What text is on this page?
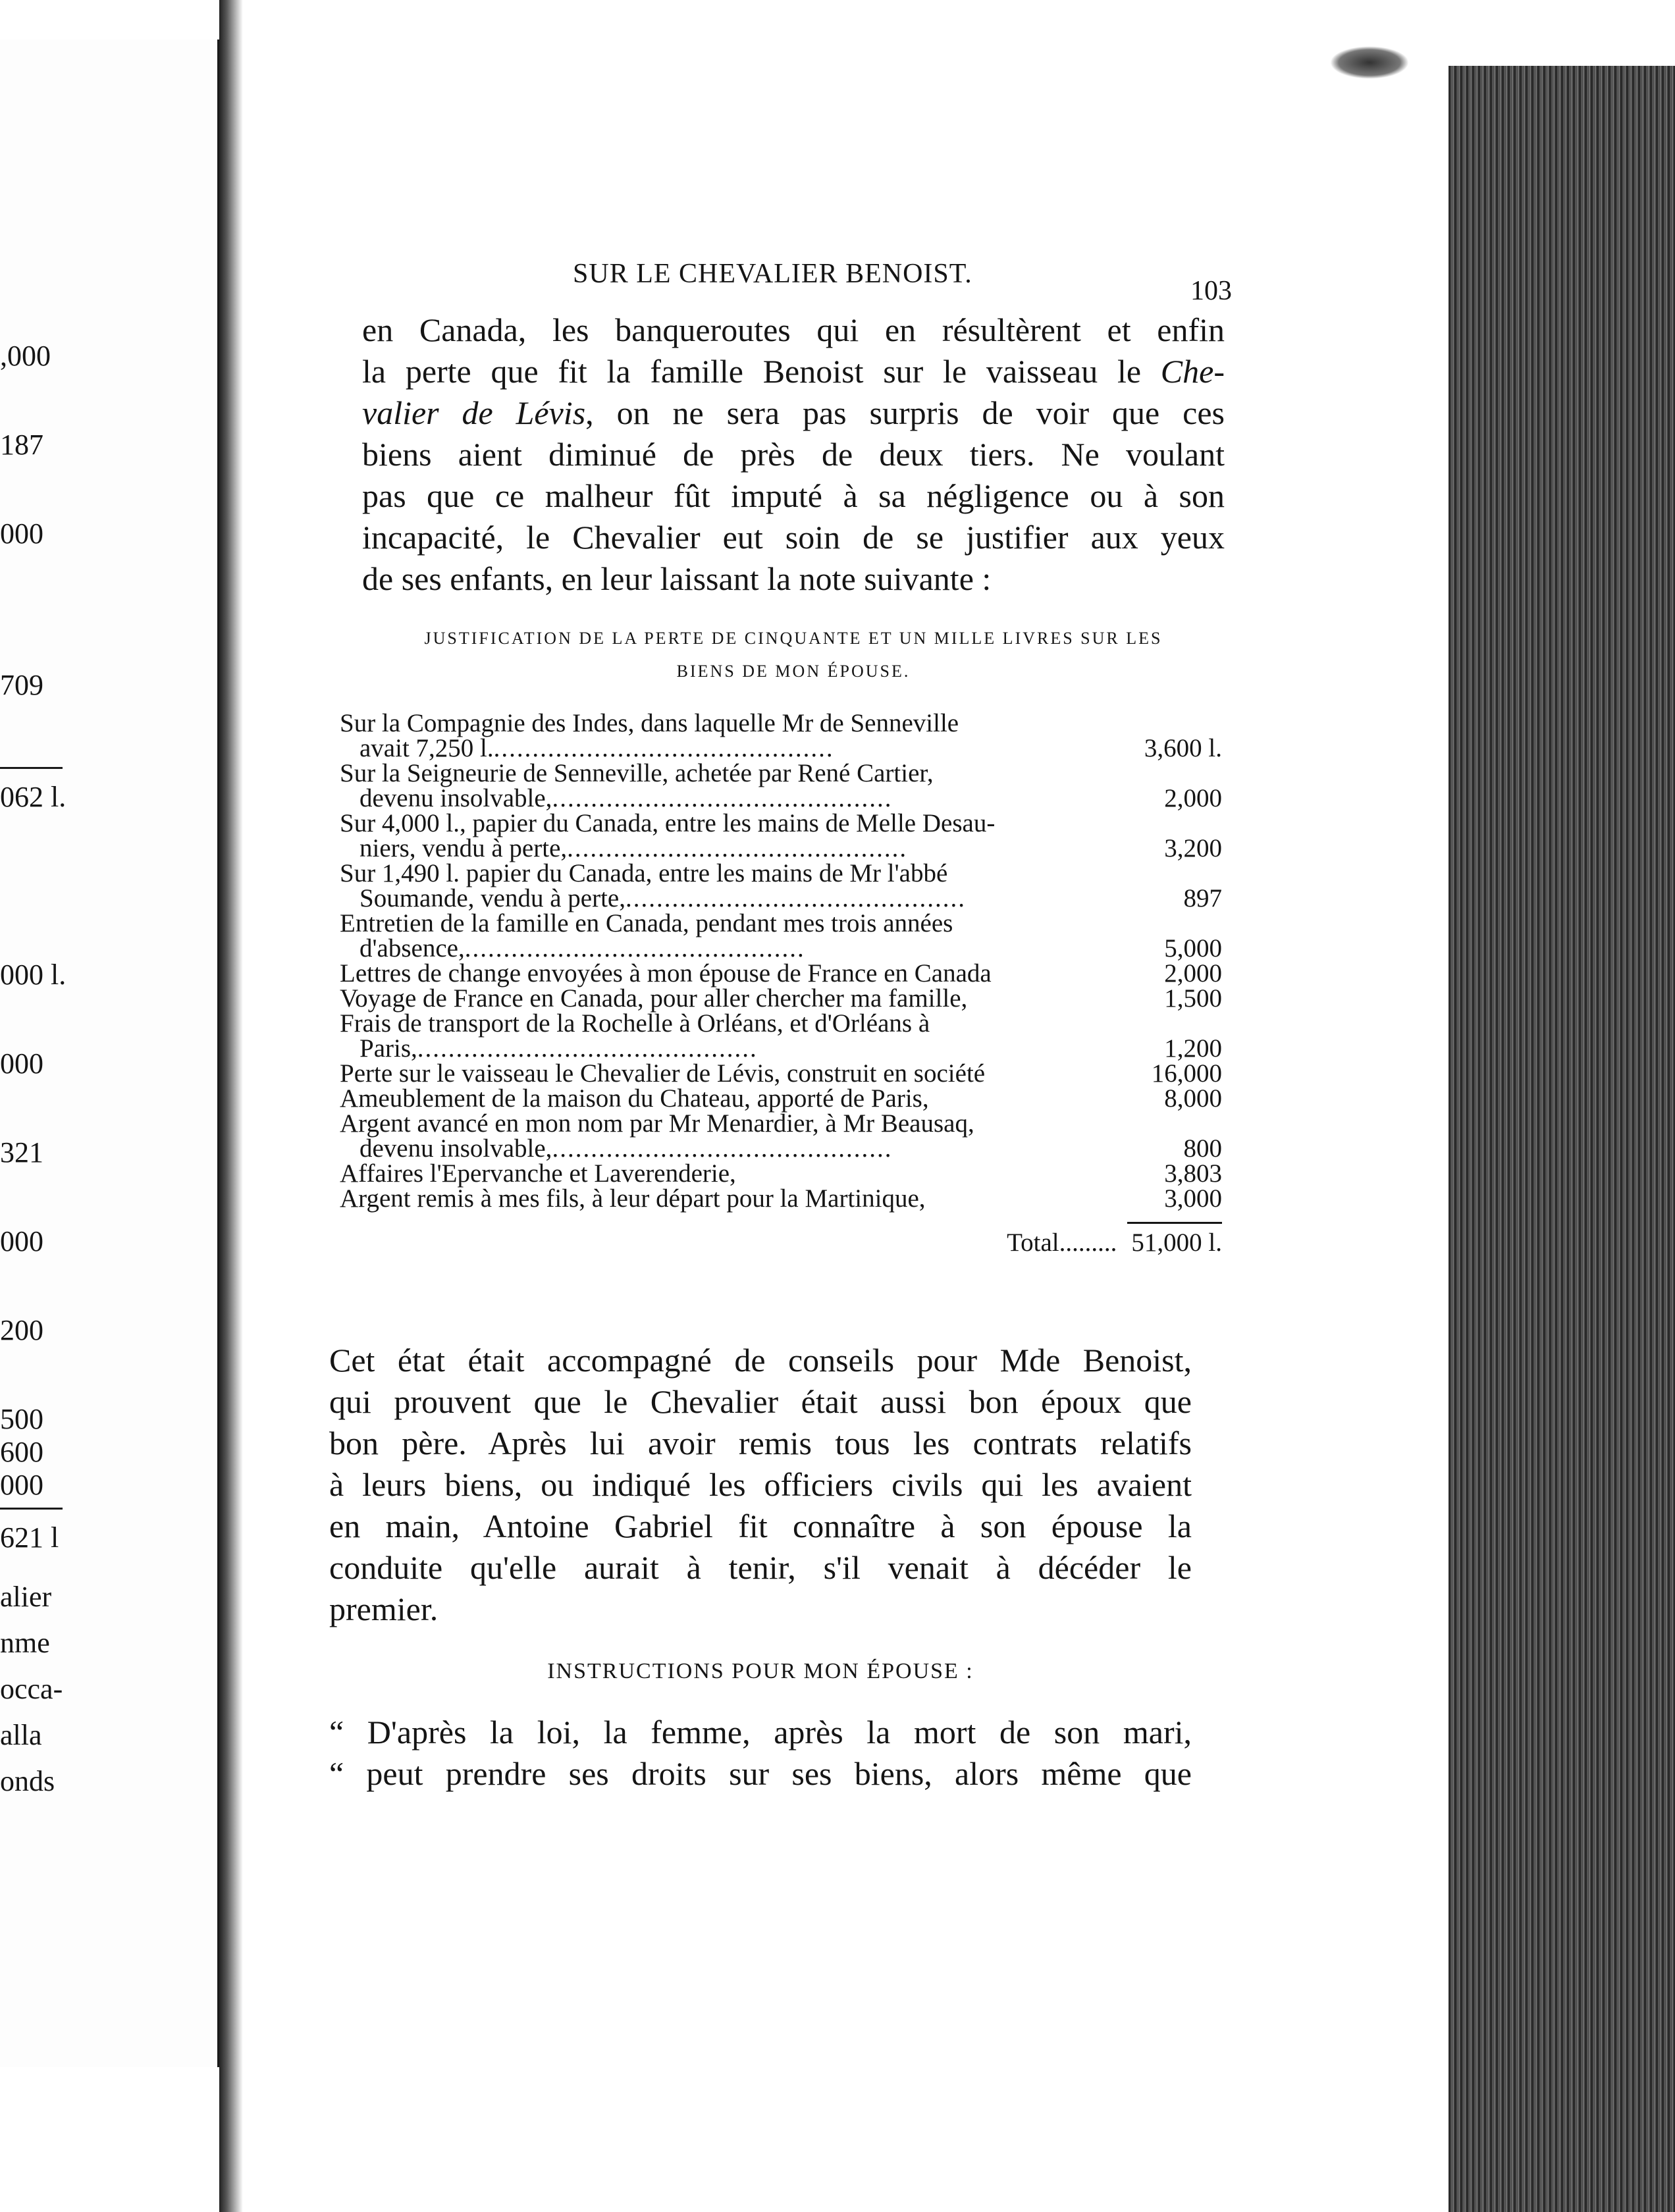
,000
187
000
709
062 l.
000 l.
000
321
000
200
500
600
000
621 l
alier
nme
occa-
alla
onds
SUR LE CHEVALIER BENOIST.
103
en Canada, les banqueroutes qui en résultèrent et enfin
la perte que fit la famille Benoist sur le vaisseau le Che-
valier de Lévis, on ne sera pas surpris de voir que ces
biens aient diminué de près de deux tiers. Ne voulant
pas que ce malheur fût imputé à sa négligence ou à son
incapacité, le Chevalier eut soin de se justifier aux yeux
de ses enfants, en leur laissant la note suivante :
JUSTIFICATION DE LA PERTE DE CINQUANTE ET UN MILLE LIVRES SUR LES
BIENS DE MON ÉPOUSE.
Sur la Compagnie des Indes, dans laquelle Mr de Senneville
avait 7,250 l.............................................	3,600 l.
Sur la Seigneurie de Senneville, achetée par René Cartier,
devenu insolvable,............................................	2,000
Sur 4,000 l., papier du Canada, entre les mains de Melle Desau-
niers, vendu à perte,............................................	3,200
Sur 1,490 l. papier du Canada, entre les mains de Mr l'abbé
Soumande, vendu à perte,............................................	897
Entretien de la famille en Canada, pendant mes trois années
d'absence,............................................	5,000
Lettres de change envoyées à mon épouse de France en Canada	2,000
Voyage de France en Canada, pour aller chercher ma famille,	1,500
Frais de transport de la Rochelle à Orléans, et d'Orléans à
Paris,............................................	1,200
Perte sur le vaisseau le Chevalier de Lévis, construit en société	16,000
Ameublement de la maison du Chateau, apporté de Paris,	8,000
Argent avancé en mon nom par Mr Menardier, à Mr Beausaq,
devenu insolvable,............................................	800
Affaires l'Epervanche et Laverenderie,	3,803
Argent remis à mes fils, à leur départ pour la Martinique,	3,000
Total......... 51,000 l.
Cet état était accompagné de conseils pour Mde Benoist,
qui prouvent que le Chevalier était aussi bon époux que
bon père. Après lui avoir remis tous les contrats relatifs
à leurs biens, ou indiqué les officiers civils qui les avaient
en main, Antoine Gabriel fit connaître à son épouse la
conduite qu'elle aurait à tenir, s'il venait à décéder le
premier.
INSTRUCTIONS POUR MON ÉPOUSE :
“ D'après la loi, la femme, après la mort de son mari,
“ peut prendre ses droits sur ses biens, alors même que
